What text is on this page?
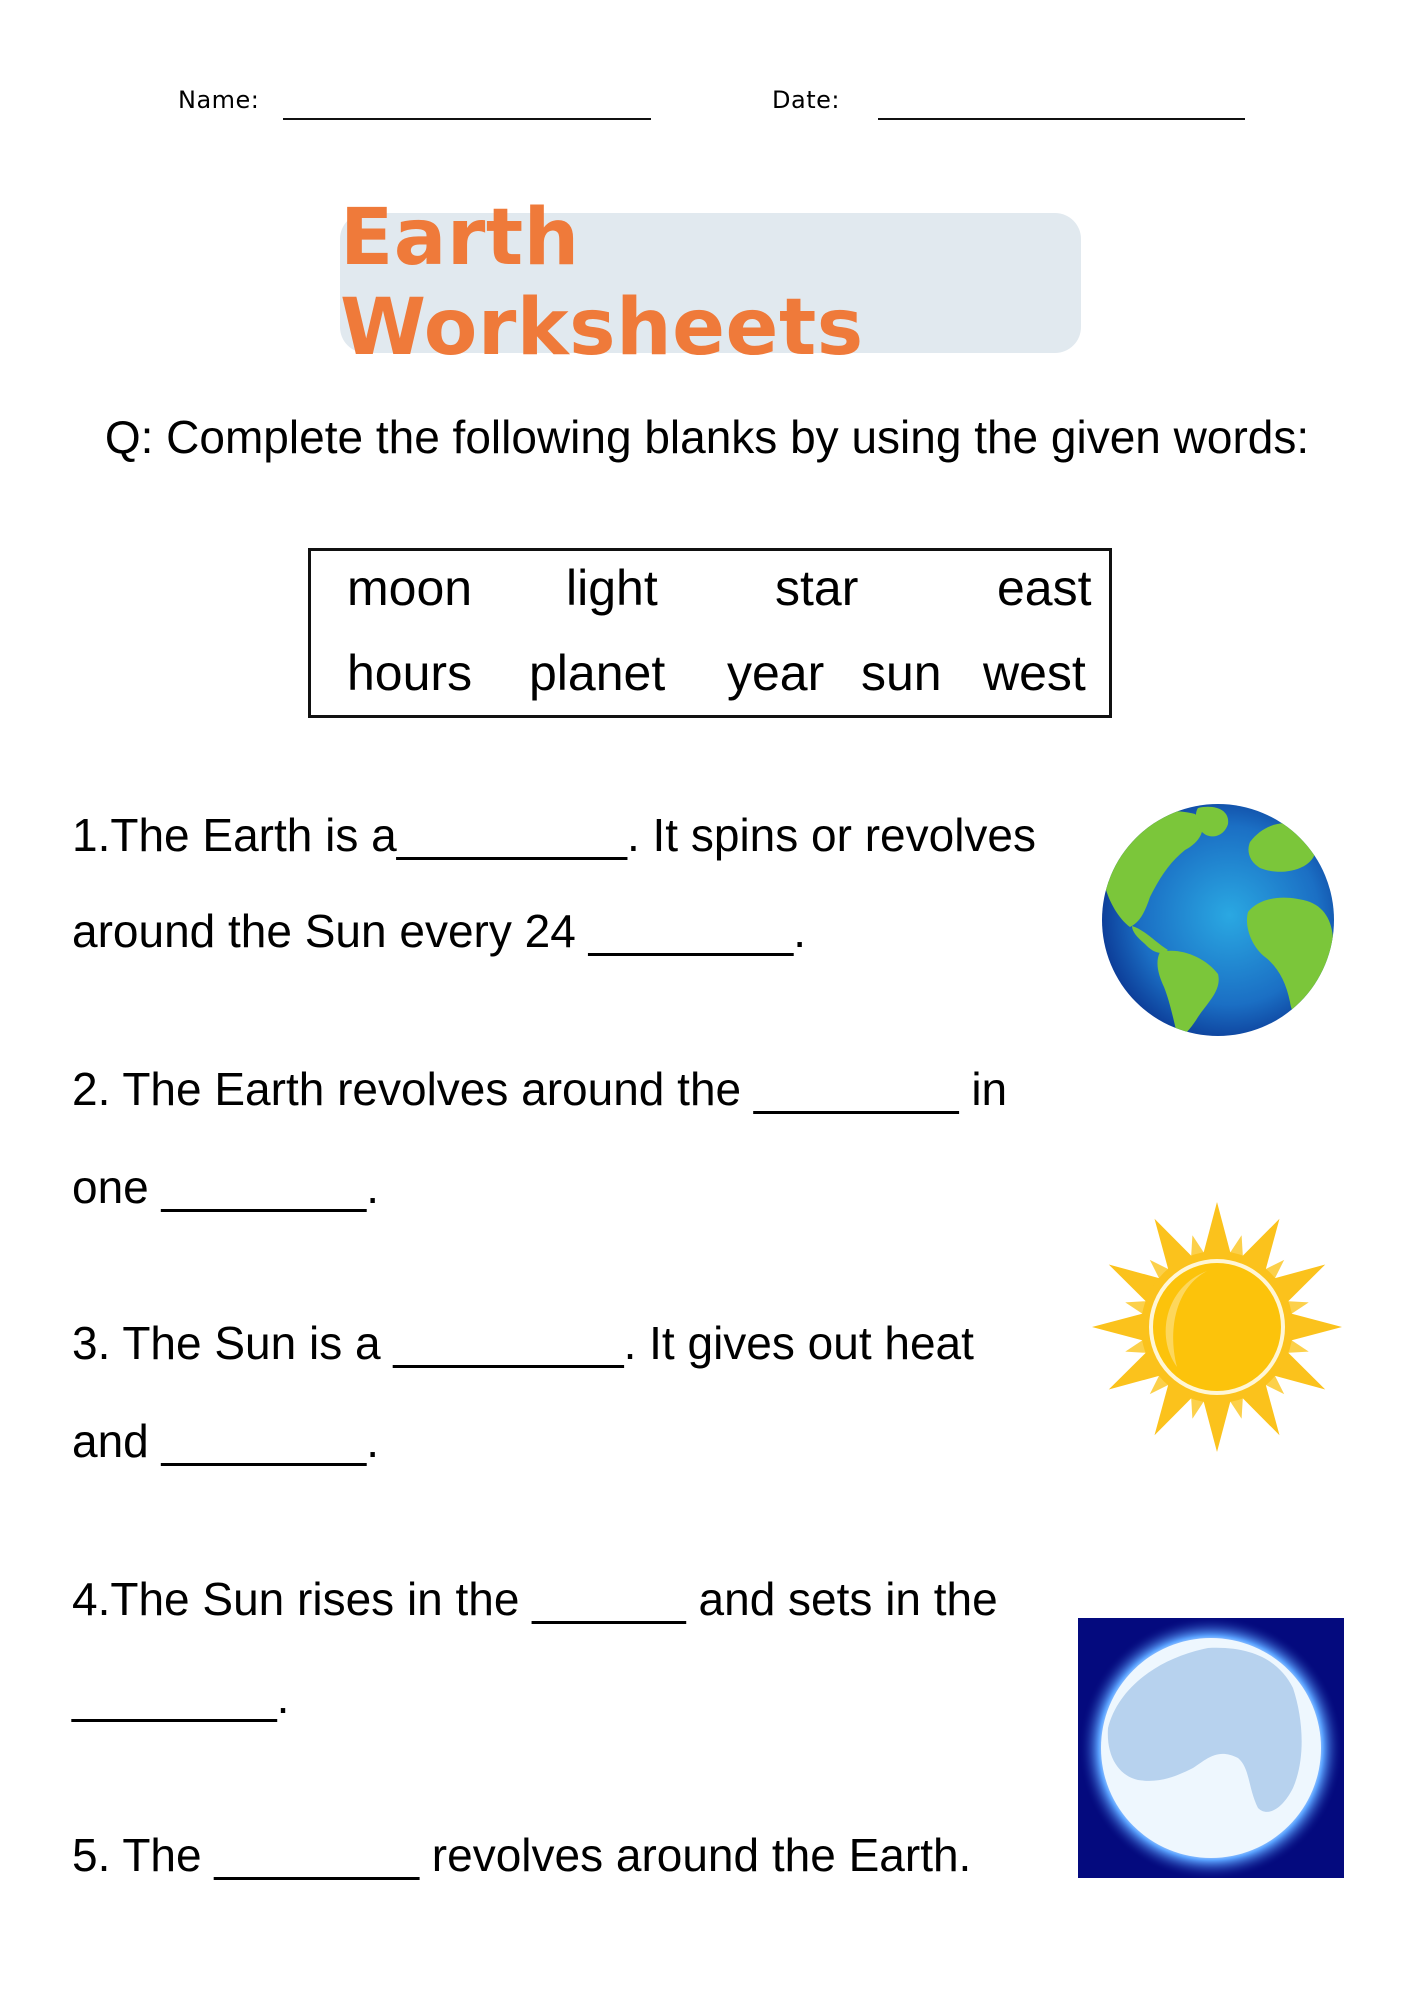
Name:	Date:
Earth Worksheets
Q: Complete the following blanks by using the given words:
moon light star	east
hours planet year sun west
1.The Earth is a_________. It spins or revolves
around the Sun every 24 ________.
2. The Earth revolves around the ________ in
one ________.
3. The Sun is a _________. It gives out heat
and ________.
4.The Sun rises in the ______ and sets in the
________.
5. The ________ revolves around the Earth.
